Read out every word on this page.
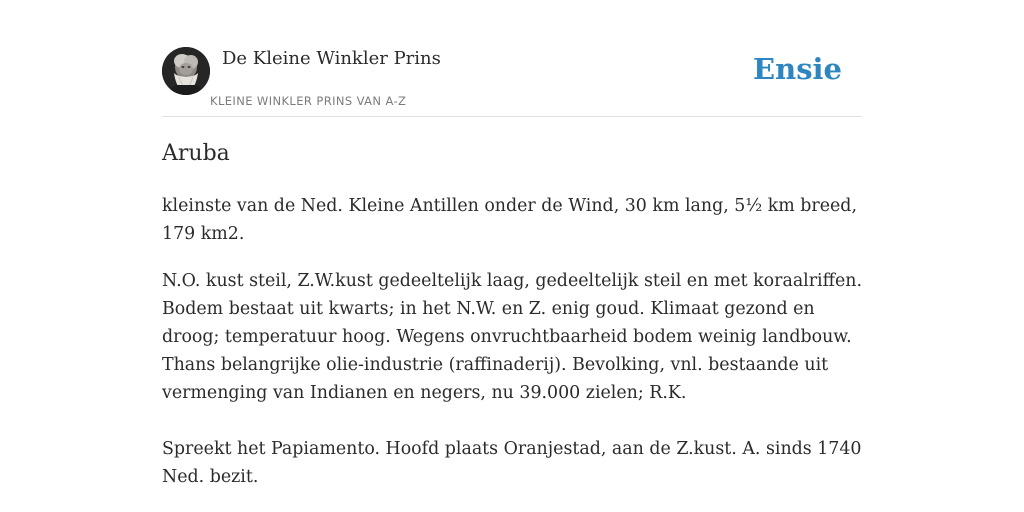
De Kleine Winkler Prins
KLEINE WINKLER PRINS VAN A-Z
Ensie
Aruba

kleinste van de Ned. Kleine Antillen onder de Wind, 30 km lang, 5½ km breed, 179 km2.

N.O. kust steil, Z.W.kust gedeeltelijk laag, gedeeltelijk steil en met koraalriffen. Bodem bestaat uit kwarts; in het N.W. en Z. enig goud. Klimaat gezond en droog; temperatuur hoog. Wegens onvruchtbaarheid bodem weinig landbouw. Thans belangrijke olie-industrie (raffinaderij). Bevolking, vnl. bestaande uit vermenging van Indianen en negers, nu 39.000 zielen; R.K.

Spreekt het Papiamento. Hoofd plaats Oranjestad, aan de Z.kust. A. sinds 1740 Ned. bezit.
